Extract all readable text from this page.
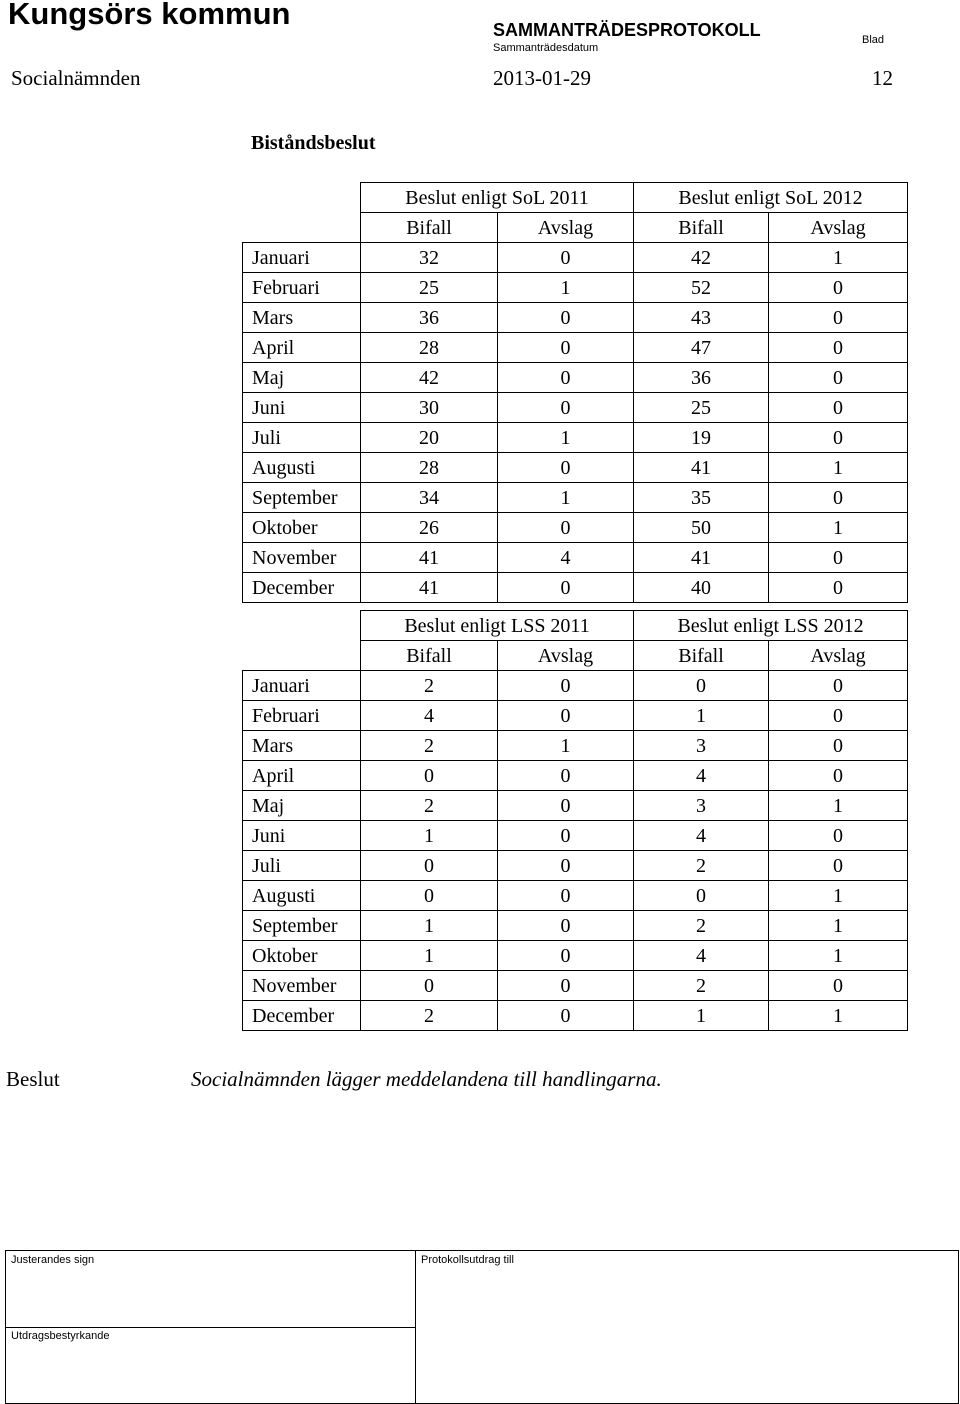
Kungsörs kommun	SAMMANTRÄDESPROTOKOLL
Sammanträdesdatum
Blad
Socialnämnden	2013-01-29	12
Biståndsbeslut
	Beslut enligt SoL 2011		Beslut enligt SoL 2012	
	Bifall	Avslag	Bifall	Avslag
Januari	32	0	42	1
Februari	25	1	52	0
Mars	36	0	43	0
April	28	0	47	0
Maj	42	0	36	0
Juni	30	0	25	0
Juli	20	1	19	0
Augusti	28	0	41	1
September	34	1	35	0
Oktober	26	0	50	1
November	41	4	41	0
December	41	0	40	0
	Beslut enligt LSS 2011		Beslut enligt LSS 2012	
	Bifall	Avslag	Bifall	Avslag
Januari	2	0	0	0
Februari	4	0	1	0
Mars	2	1	3	0
April	0	0	4	0
Maj	2	0	3	1
Juni	1	0	4	0
Juli	0	0	2	0
Augusti	0	0	0	1
September	1	0	2	1
Oktober	1	0	4	1
November	0	0	2	0
December	2	0	1	1
Beslut	Socialnämnden lägger meddelandena till handlingarna.
Justerandes sign	Protokollsutdrag till
Utdragsbestyrkande
